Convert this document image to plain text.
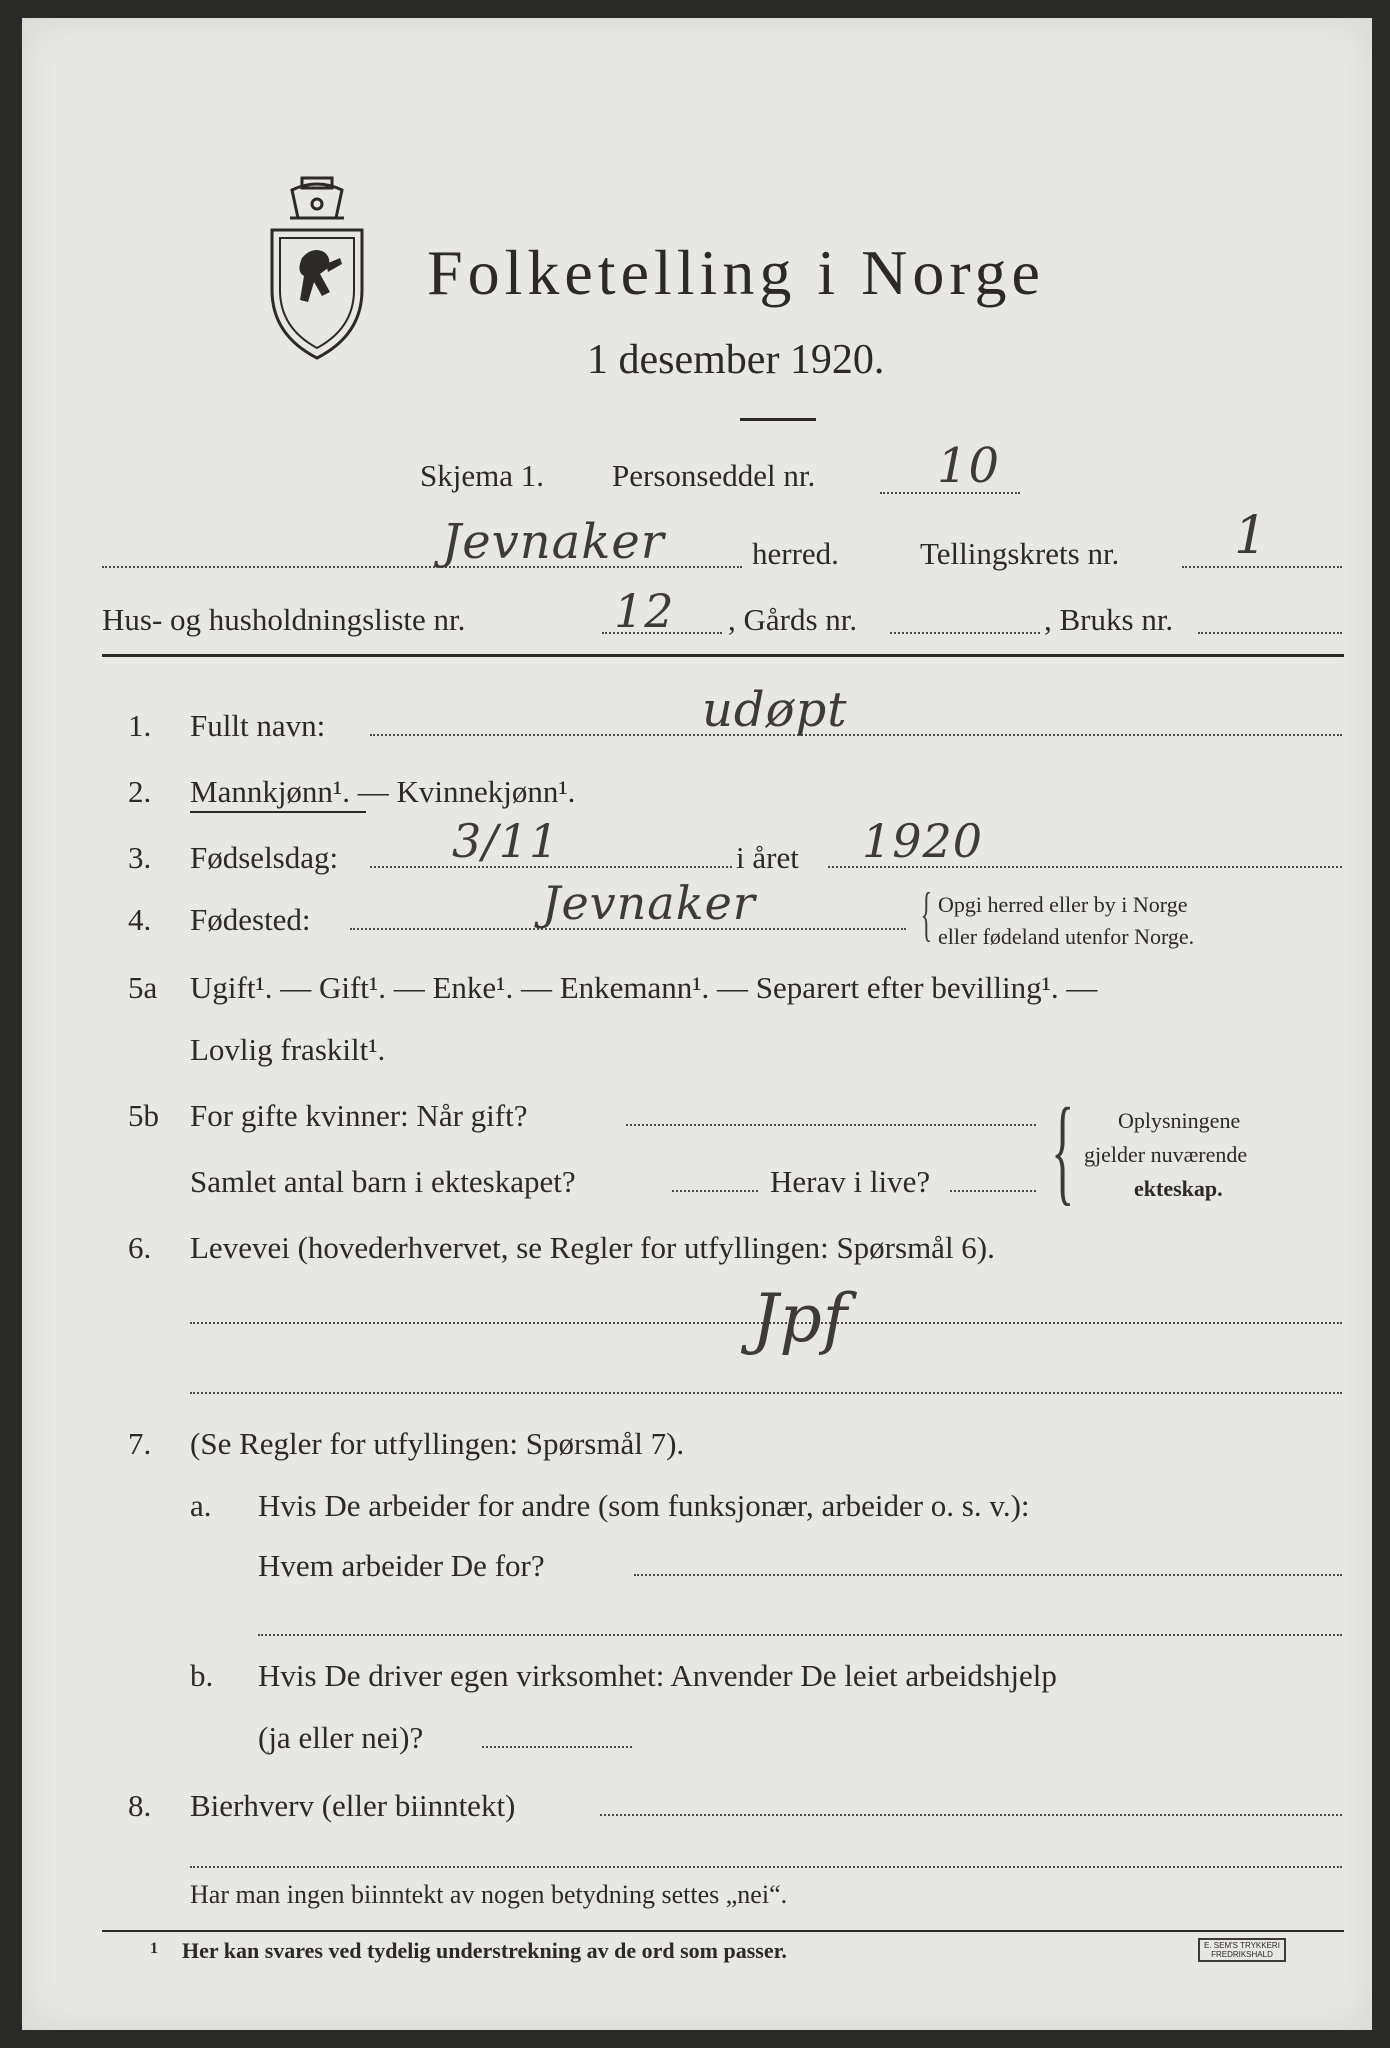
Folketelling i Norge
1 desember 1920.
Skjema 1. Personseddel nr.	10
Jevnaker	herred.	Tellingskrets nr. 1
Hus- og husholdningsliste nr.	12 , Gårds nr.	, Bruks nr.
1. Fullt navn:	udøpt
2. Mannkjønn¹. — Kvinnekjønn¹.
3. Fødselsdag: 3/11	i året 1920
4. Fødested:	Jevnaker	{ Opgi herred eller by i Norge
eller fødeland utenfor Norge.
5a Ugift¹. — Gift¹. — Enke¹. — Enkemann¹. — Separert efter bevilling¹. —
Lovlig fraskilt¹.
5b For gifte kvinner: Når gift?
Samlet antal barn i ekteskapet?	Herav i live? { Oplysningene
gjelder nuværende
ekteskap.
6. Levevei (hovederhvervet, se Regler for utfyllingen: Spørsmål 6).
Jpf
7. (Se Regler for utfyllingen: Spørsmål 7).
a. Hvis De arbeider for andre (som funksjonær, arbeider o. s. v.):
Hvem arbeider De for?
b. Hvis De driver egen virksomhet: Anvender De leiet arbeidshjelp
(ja eller nei)?
8. Bierhverv (eller biinntekt)
Har man ingen biinntekt av nogen betydning settes „nei“.
1 Her kan svares ved tydelig understrekning av de ord som passer.	E. SEM'S TRYKKERI
FREDRIKSHALD
